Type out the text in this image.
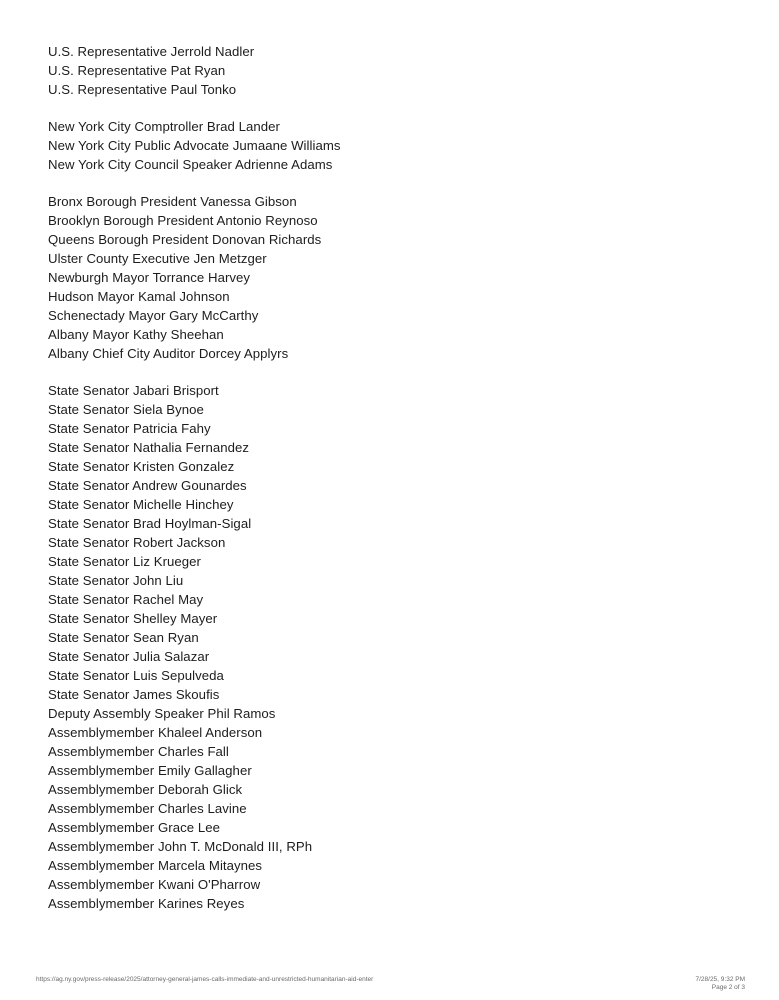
U.S. Representative Jerrold Nadler
U.S. Representative Pat Ryan
U.S. Representative Paul Tonko
New York City Comptroller Brad Lander
New York City Public Advocate Jumaane Williams
New York City Council Speaker Adrienne Adams
Bronx Borough President Vanessa Gibson
Brooklyn Borough President Antonio Reynoso
Queens Borough President Donovan Richards
Ulster County Executive Jen Metzger
Newburgh Mayor Torrance Harvey
Hudson Mayor Kamal Johnson
Schenectady Mayor Gary McCarthy
Albany Mayor Kathy Sheehan
Albany Chief City Auditor Dorcey Applyrs
State Senator Jabari Brisport
State Senator Siela Bynoe
State Senator Patricia Fahy
State Senator Nathalia Fernandez
State Senator Kristen Gonzalez
State Senator Andrew Gounardes
State Senator Michelle Hinchey
State Senator Brad Hoylman-Sigal
State Senator Robert Jackson
State Senator Liz Krueger
State Senator John Liu
State Senator Rachel May
State Senator Shelley Mayer
State Senator Sean Ryan
State Senator Julia Salazar
State Senator Luis Sepulveda
State Senator James Skoufis
Deputy Assembly Speaker Phil Ramos
Assemblymember Khaleel Anderson
Assemblymember Charles Fall
Assemblymember Emily Gallagher
Assemblymember Deborah Glick
Assemblymember Charles Lavine
Assemblymember Grace Lee
Assemblymember John T. McDonald III, RPh
Assemblymember Marcela Mitaynes
Assemblymember Kwani O'Pharrow
Assemblymember Karines Reyes
https://ag.ny.gov/press-release/2025/attorney-general-james-calls-immediate-and-unrestricted-humanitarian-aid-enter	7/28/25, 9:32 PM
Page 2 of 3
